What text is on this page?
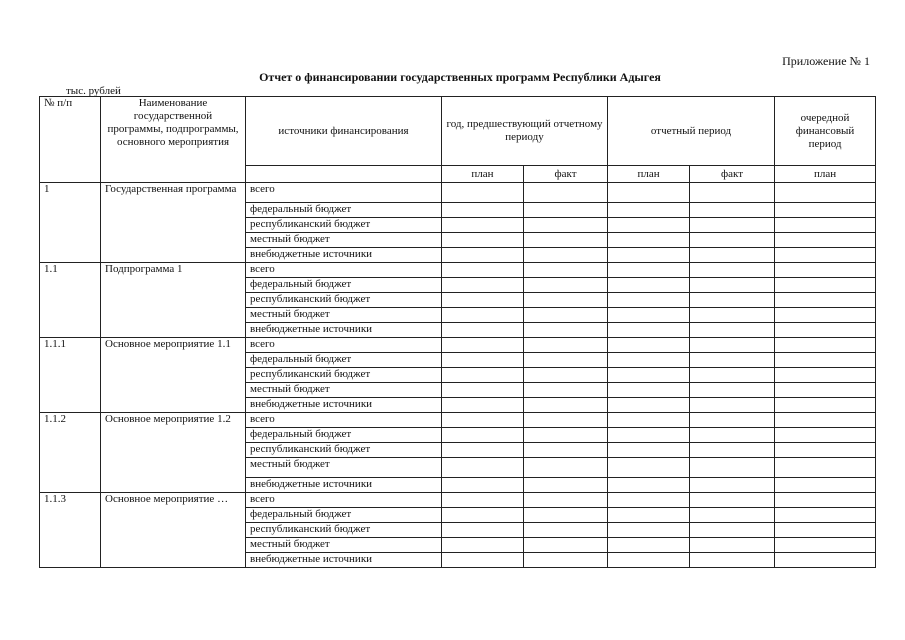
Приложение № 1
Отчет о финансировании государственных программ Республики Адыгея
тыс. рублей
№ п/п	Наименование государственной программы, подпрограммы, основного мероприятия	источники финансирования	год, предшествующий отчетному периоду		отчетный период		очередной финансовый период
			план	факт	план	факт	план
1	Государственная программа	всего					
		федеральный бюджет					
		республиканский бюджет					
		местный бюджет					
		внебюджетные источники					
1.1	Подпрограмма 1	всего					
		федеральный бюджет					
		республиканский бюджет					
		местный бюджет					
		внебюджетные источники					
1.1.1	Основное мероприятие 1.1	всего					
		федеральный бюджет					
		республиканский бюджет					
		местный бюджет					
		внебюджетные источники					
1.1.2	Основное мероприятие 1.2	всего					
		федеральный бюджет					
		республиканский бюджет					
		местный бюджет					
		внебюджетные источники					
1.1.3	Основное мероприятие …	всего					
		федеральный бюджет					
		республиканский бюджет					
		местный бюджет					
		внебюджетные источники					
